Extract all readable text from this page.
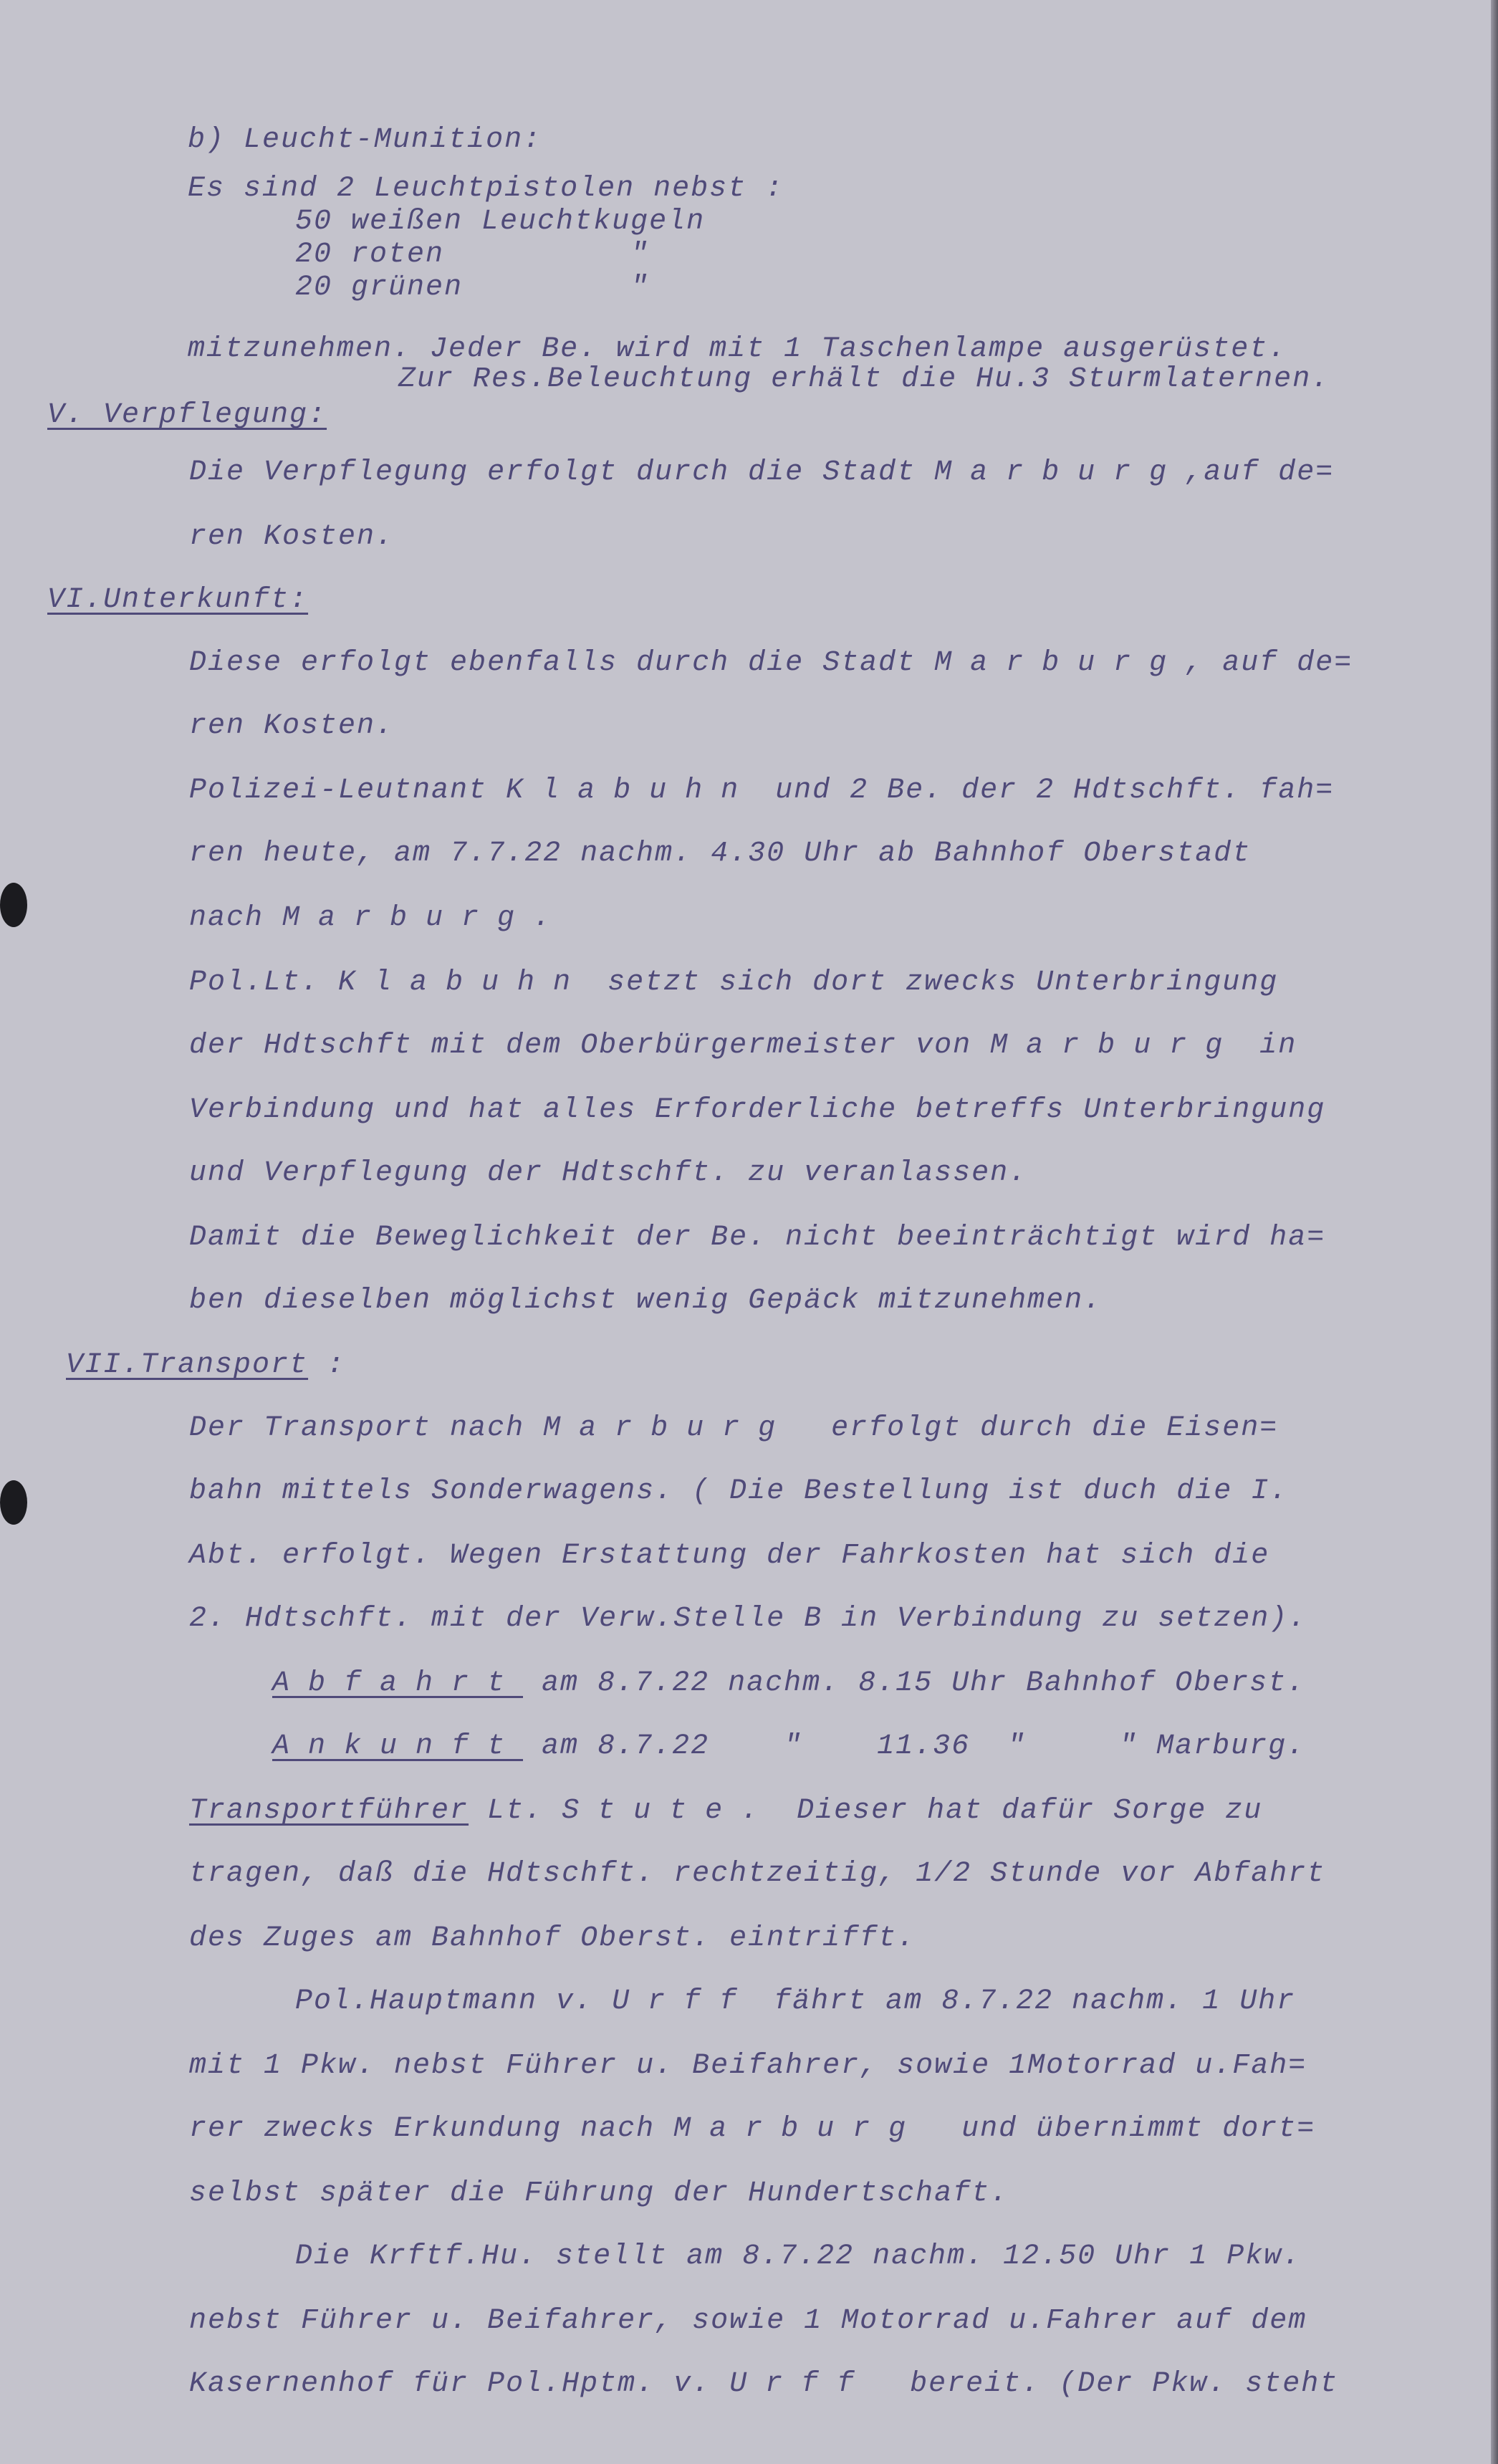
b) Leucht-Munition:
Es sind 2 Leuchtpistolen nebst :
50 weißen Leuchtkugeln
20 roten          "
20 grünen         "
mitzunehmen. Jeder Be. wird mit 1 Taschenlampe ausgerüstet.
Zur Res.Beleuchtung erhält die Hu.3 Sturmlaternen.
V. Verpflegung:
Die Verpflegung erfolgt durch die Stadt Marburg,auf de=
ren Kosten.
VI.Unterkunft:
Diese erfolgt ebenfalls durch die Stadt Marburg, auf de=
ren Kosten.
Polizei-Leutnant Klabuhn und 2 Be. der 2 Hdtschft. fah=
ren heute, am 7.7.22 nachm. 4.30 Uhr ab Bahnhof Oberstadt
nach Marburg.
Pol.Lt. Klabuhn setzt sich dort zwecks Unterbringung
der Hdtschft mit dem Oberbürgermeister von Marburg in
Verbindung und hat alles Erforderliche betreffs Unterbringung
und Verpflegung der Hdtschft. zu veranlassen.
Damit die Beweglichkeit der Be. nicht beeinträchtigt wird ha=
ben dieselben möglichst wenig Gepäck mitzunehmen.
VII.Transport :
Der Transport nach Marburg  erfolgt durch die Eisen=
bahn mittels Sonderwagens. ( Die Bestellung ist duch die I.
Abt. erfolgt. Wegen Erstattung der Fahrkosten hat sich die
2. Hdtschft. mit der Verw.Stelle B in Verbindung zu setzen).
Abfahrt am 8.7.22 nachm. 8.15 Uhr Bahnhof Oberst.
Ankunft am 8.7.22    "    11.36  "     " Marburg.
Transportführer Lt. Stute.  Dieser hat dafür Sorge zu
tragen, daß die Hdtschft. rechtzeitig, 1/2 Stunde vor Abfahrt
des Zuges am Bahnhof Oberst. eintrifft.
Pol.Hauptmann v. Urff fährt am 8.7.22 nachm. 1 Uhr
mit 1 Pkw. nebst Führer u. Beifahrer, sowie 1Motorrad u.Fah=
rer zwecks Erkundung nach Marburg  und übernimmt dort=
selbst später die Führung der Hundertschaft.
Die Krftf.Hu. stellt am 8.7.22 nachm. 12.50 Uhr 1 Pkw.
nebst Führer u. Beifahrer, sowie 1 Motorrad u.Fahrer auf dem
Kasernenhof für Pol.Hptm. v. Urff  bereit. (Der Pkw. steht
